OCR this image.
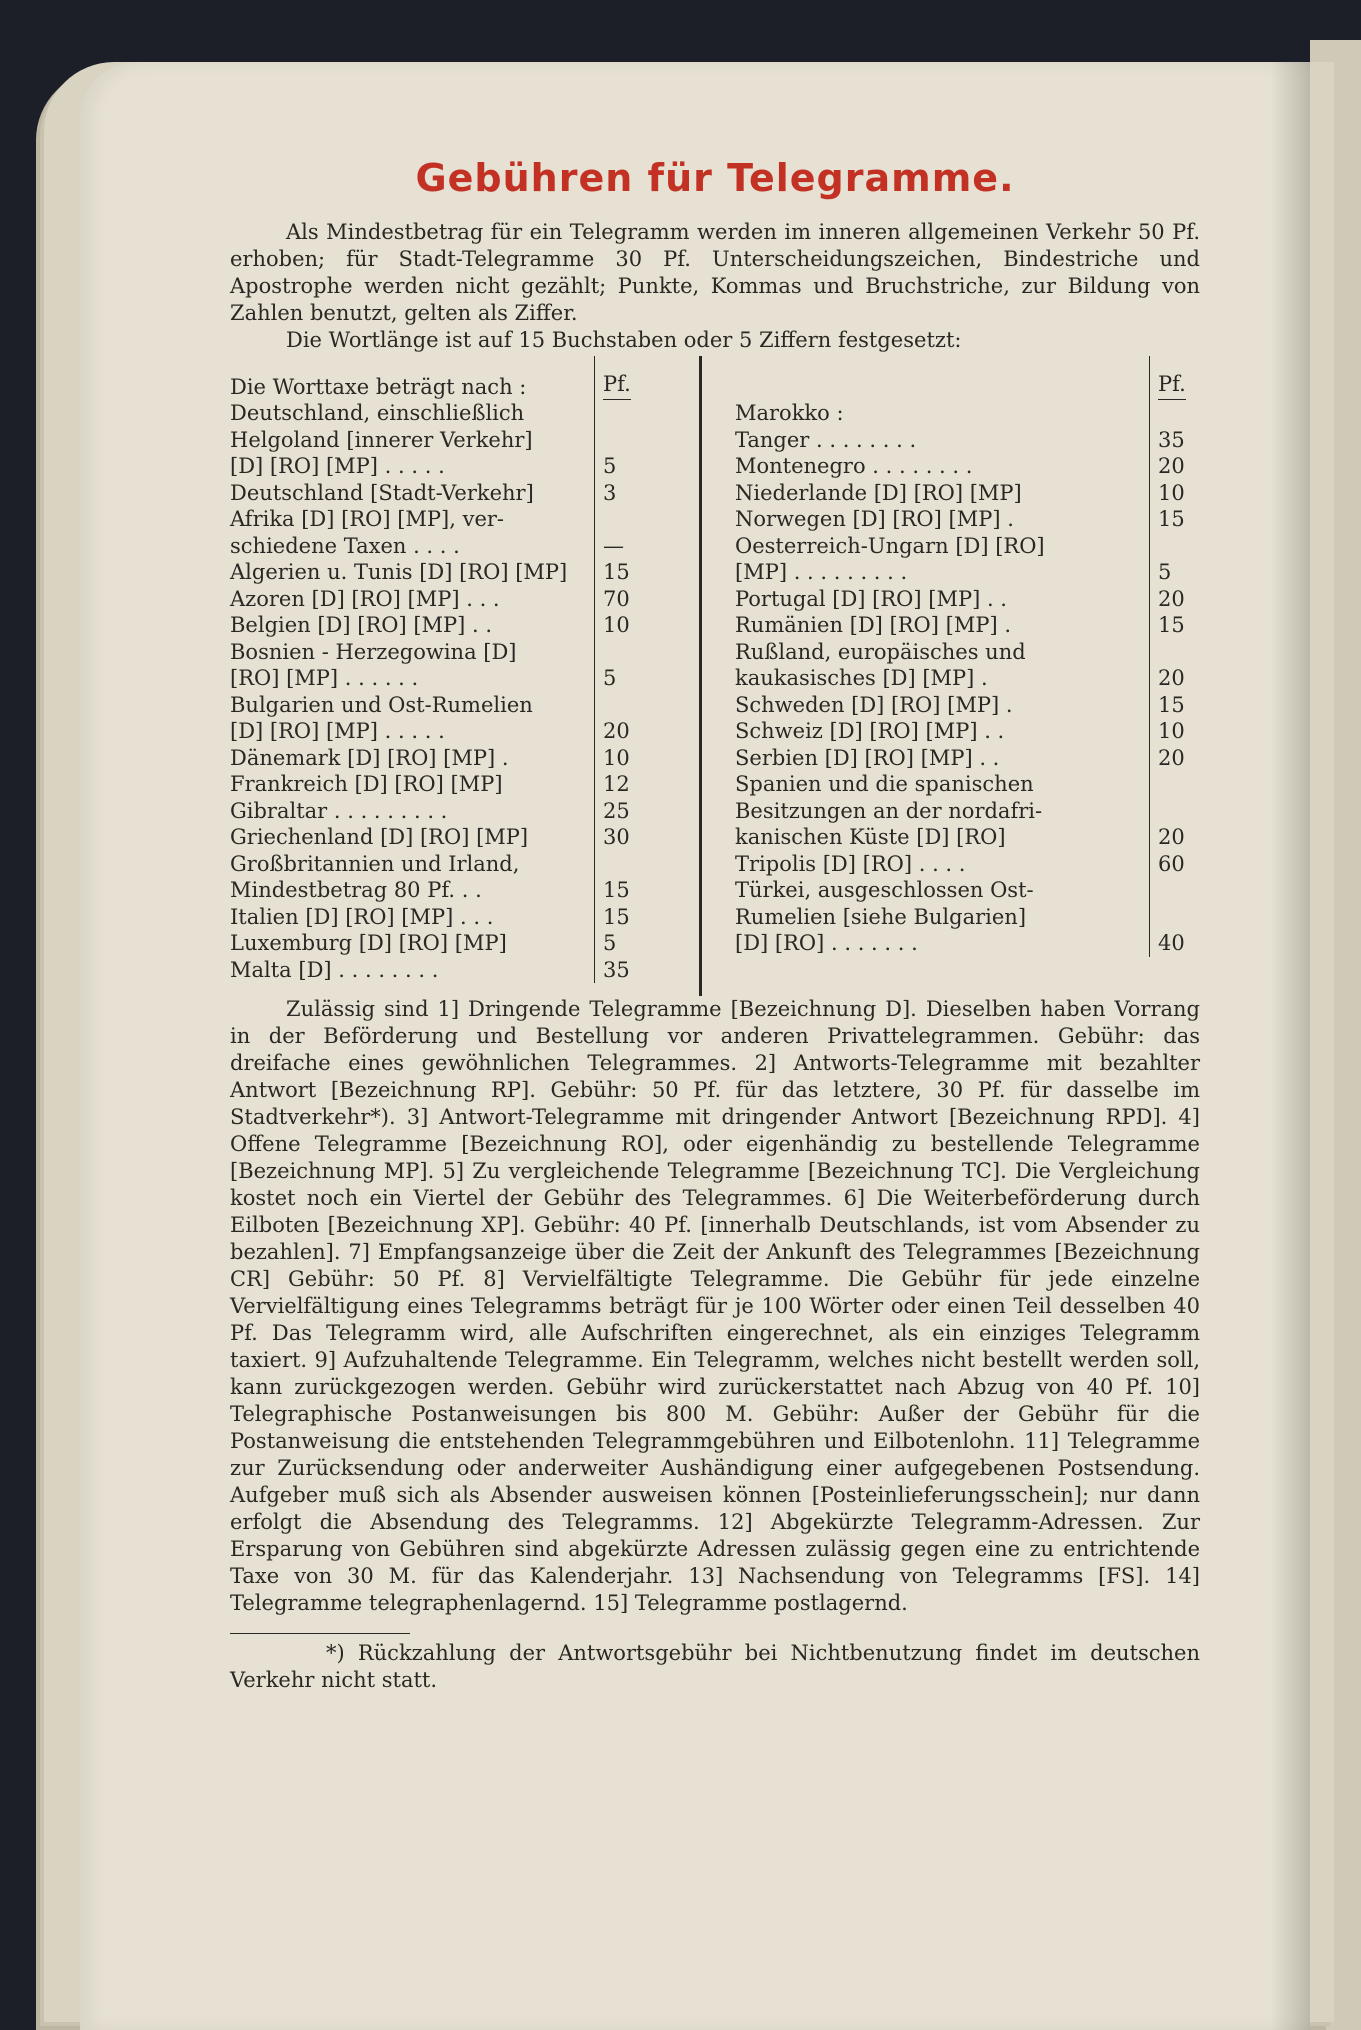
Gebühren für Telegramme.

Als Mindestbetrag für ein Telegramm werden im inneren allgemeinen Verkehr 50 Pf. erhoben; für Stadt-Telegramme 30 Pf. Unterscheidungszeichen, Bindestriche und Apostrophe werden nicht gezählt; Punkte, Kommas und Bruchstriche, zur Bildung von Zahlen benutzt, gelten als Ziffer.

Die Wortlänge ist auf 15 Buchstaben oder 5 Ziffern festgesetzt:

Die Worttaxe beträgt nach :	Pf.
Deutschland, einschließlich	
Helgoland [innerer Verkehr]	
[D] [RO] [MP] . . . . .	5
Deutschland [Stadt-Verkehr]	3
Afrika [D] [RO] [MP], ver-	
schiedene Taxen . . . .	—
Algerien u. Tunis [D] [RO] [MP]	15
Azoren [D] [RO] [MP] . . .	70
Belgien [D] [RO] [MP] . .	10
Bosnien - Herzegowina [D]	
[RO] [MP] . . . . . .	5
Bulgarien und Ost-Rumelien	
[D] [RO] [MP] . . . . .	20
Dänemark [D] [RO] [MP] .	10
Frankreich [D] [RO] [MP]	12
Gibraltar . . . . . . . . .	25
Griechenland [D] [RO] [MP]	30
Großbritannien und Irland,	
Mindestbetrag 80 Pf. . .	15
Italien [D] [RO] [MP] . . .	15
Luxemburg [D] [RO] [MP]	5
Malta [D] . . . . . . . .	35
	Pf.
Marokko :	
Tanger . . . . . . . .	35
Montenegro . . . . . . . .	20
Niederlande [D] [RO] [MP]	10
Norwegen [D] [RO] [MP] .	15
Oesterreich-Ungarn [D] [RO]	
[MP] . . . . . . . . .	5
Portugal [D] [RO] [MP] . .	20
Rumänien [D] [RO] [MP] .	15
Rußland, europäisches und	
kaukasisches [D] [MP] .	20
Schweden [D] [RO] [MP] .	15
Schweiz [D] [RO] [MP] . .	10
Serbien [D] [RO] [MP] . .	20
Spanien und die spanischen	
Besitzungen an der nordafri-	
kanischen Küste [D] [RO]	20
Tripolis [D] [RO] . . . .	60
Türkei, ausgeschlossen Ost-	
Rumelien [siehe Bulgarien]	
[D] [RO] . . . . . . .	40

Zulässig sind 1] Dringende Telegramme [Bezeichnung D]. Dieselben haben Vorrang in der Beförderung und Bestellung vor anderen Privattelegrammen. Gebühr: das dreifache eines gewöhnlichen Telegrammes. 2] Antworts-Telegramme mit bezahlter Antwort [Bezeichnung RP]. Gebühr: 50 Pf. für das letztere, 30 Pf. für dasselbe im Stadtverkehr*). 3] Antwort-Telegramme mit dringender Antwort [Bezeichnung RPD]. 4] Offene Telegramme [Bezeichnung RO], oder eigenhändig zu bestellende Telegramme [Bezeichnung MP]. 5] Zu vergleichende Telegramme [Bezeichnung TC]. Die Vergleichung kostet noch ein Viertel der Gebühr des Telegrammes. 6] Die Weiterbeförderung durch Eilboten [Bezeichnung XP]. Gebühr: 40 Pf. [innerhalb Deutschlands, ist vom Absender zu bezahlen]. 7] Empfangsanzeige über die Zeit der Ankunft des Telegrammes [Bezeichnung CR] Gebühr: 50 Pf. 8] Vervielfältigte Telegramme. Die Gebühr für jede einzelne Vervielfältigung eines Telegramms beträgt für je 100 Wörter oder einen Teil desselben 40 Pf. Das Telegramm wird, alle Aufschriften eingerechnet, als ein einziges Telegramm taxiert. 9] Aufzuhaltende Telegramme. Ein Telegramm, welches nicht bestellt werden soll, kann zurückgezogen werden. Gebühr wird zurückerstattet nach Abzug von 40 Pf. 10] Telegraphische Postanweisungen bis 800 M. Gebühr: Außer der Gebühr für die Postanweisung die entstehenden Telegrammgebühren und Eilbotenlohn. 11] Telegramme zur Zurücksendung oder anderweiter Aushändigung einer aufgegebenen Postsendung. Aufgeber muß sich als Absender ausweisen können [Posteinlieferungsschein]; nur dann erfolgt die Absendung des Telegramms. 12] Abgekürzte Telegramm-Adressen. Zur Ersparung von Gebühren sind abgekürzte Adressen zulässig gegen eine zu entrichtende Taxe von 30 M. für das Kalenderjahr. 13] Nachsendung von Telegramms [FS]. 14] Telegramme telegraphenlagernd. 15] Telegramme postlagernd.

*) Rückzahlung der Antwortsgebühr bei Nichtbenutzung findet im deutschen Verkehr nicht statt.
